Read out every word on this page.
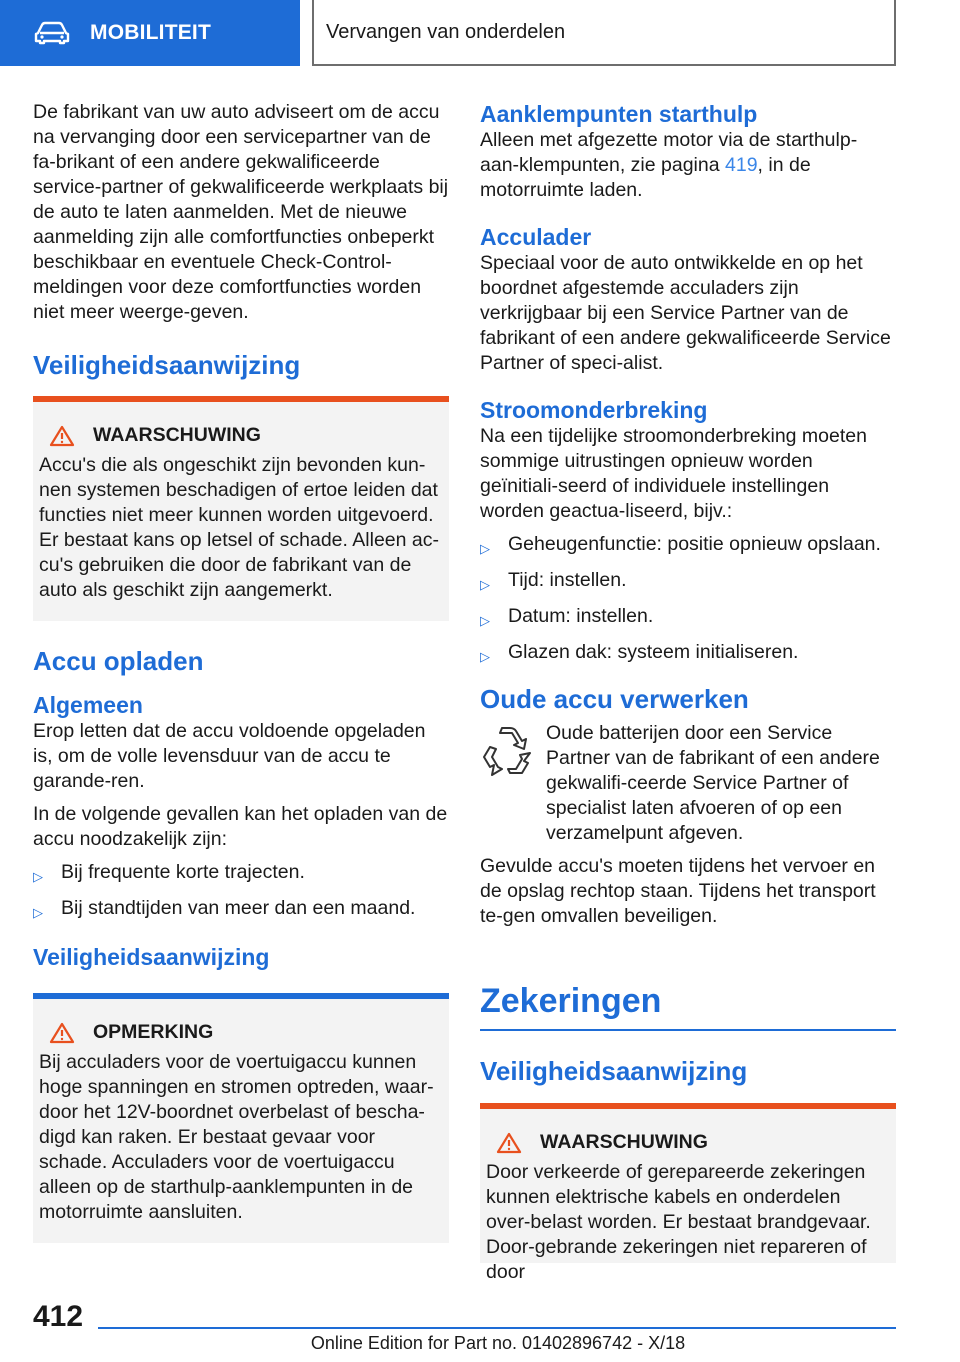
MOBILITEIT	Vervangen van onderdelen

De fabrikant van uw auto adviseert om de accu na vervanging door een servicepartner van de fa-brikant of een andere gekwalificeerde service-partner of gekwalificeerde werkplaats bij de auto te laten aanmelden. Met de nieuwe aanmelding zijn alle comfortfuncties onbeperkt beschikbaar en eventuele Check-Control-meldingen voor deze comfortfuncties worden niet meer weerge-geven.

Veiligheidsaanwijzing
WAARSCHUWING

Accu's die als ongeschikt zijn bevonden kun-nen systemen beschadigen of ertoe leiden dat functies niet meer kunnen worden uitgevoerd. Er bestaat kans op letsel of schade. Alleen ac-cu's gebruiken die door de fabrikant van de auto als geschikt zijn aangemerkt.

Accu opladen
Algemeen

Erop letten dat de accu voldoende opgeladen is, om de volle levensduur van de accu te garande-ren.

In de volgende gevallen kan het opladen van de accu noodzakelijk zijn:

▷ Bij frequente korte trajecten.
▷ Bij standtijden van meer dan een maand.
Veiligheidsaanwijzing
OPMERKING

Bij acculaders voor de voertuigaccu kunnen hoge spanningen en stromen optreden, waar-door het 12V-boordnet overbelast of bescha-digd kan raken. Er bestaat gevaar voor schade. Acculaders voor de voertuigaccu alleen op de starthulp-aanklempunten in de motorruimte aansluiten.

Aanklempunten starthulp

Alleen met afgezette motor via de starthulp-aan-klempunten, zie pagina 419, in de motorruimte laden.

Acculader

Speciaal voor de auto ontwikkelde en op het boordnet afgestemde acculaders zijn verkrijgbaar bij een Service Partner van de fabrikant of een andere gekwalificeerde Service Partner of speci-alist.

Stroomonderbreking

Na een tijdelijke stroomonderbreking moeten sommige uitrustingen opnieuw worden geïnitiali-seerd of individuele instellingen worden geactua-liseerd, bijv.:

▷ Geheugenfunctie: positie opnieuw opslaan.
▷ Tijd: instellen.
▷ Datum: instellen.
▷ Glazen dak: systeem initialiseren.
Oude accu verwerken

Oude batterijen door een Service Partner van de fabrikant of een andere gekwalifi-ceerde Service Partner of specialist laten afvoeren of op een verzamelpunt afgeven.

Gevulde accu's moeten tijdens het vervoer en de opslag rechtop staan. Tijdens het transport te-gen omvallen beveiligen.

Zekeringen
Veiligheidsaanwijzing
WAARSCHUWING

Door verkeerde of gerepareerde zekeringen kunnen elektrische kabels en onderdelen over-belast worden. Er bestaat brandgevaar. Door-gebrande zekeringen niet repareren of door

412
Online Edition for Part no. 01402896742 - X/18
